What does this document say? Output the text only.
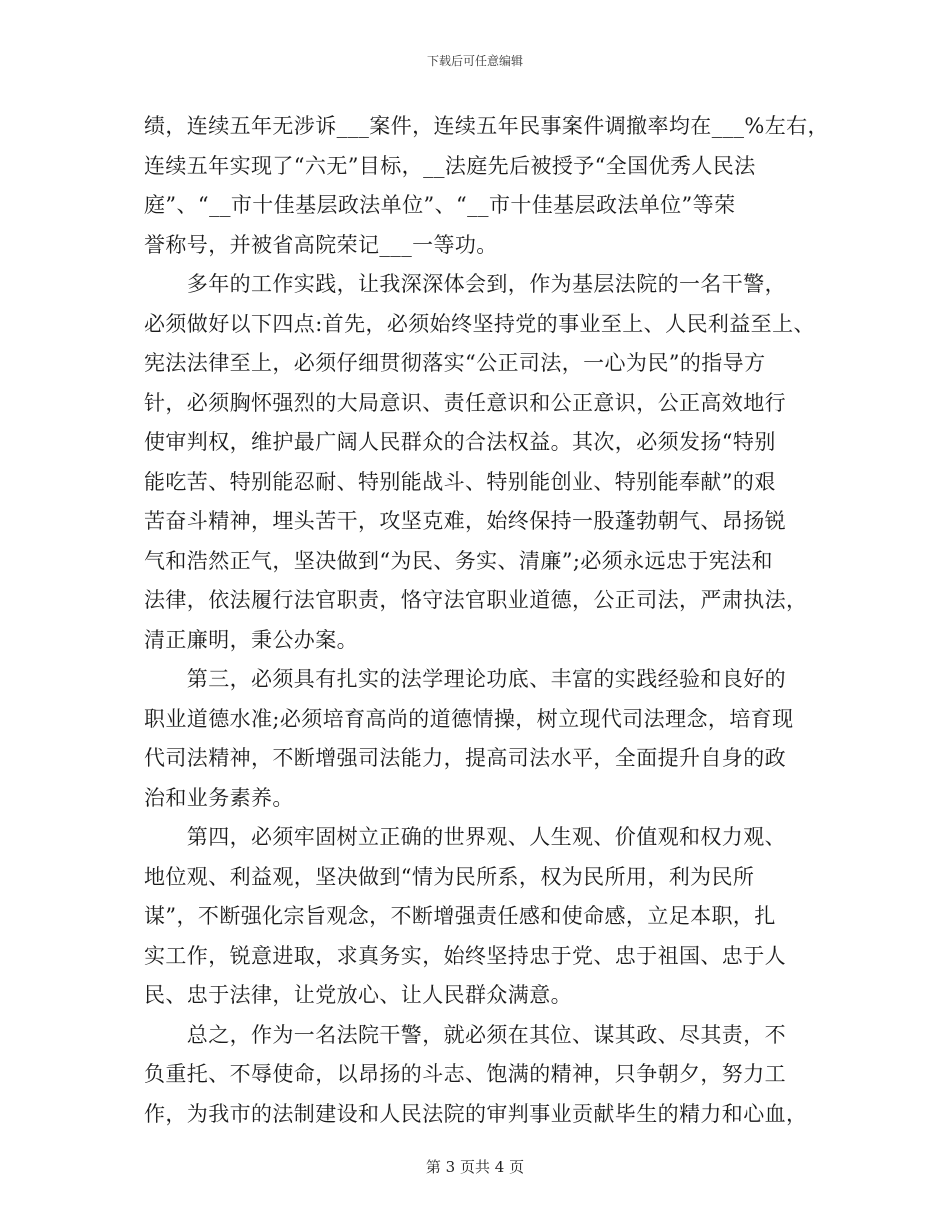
下载后可任意编辑
绩，连续五年无涉诉___案件，连续五年民事案件调撤率均在___%左右，
连续五年实现了“六无”目标，__法庭先后被授予“全国优秀人民法
庭”、“__市十佳基层政法单位”、“__市十佳基层政法单位”等荣
誉称号，并被省高院荣记___一等功。
　　多年的工作实践，让我深深体会到，作为基层法院的一名干警，
必须做好以下四点:首先，必须始终坚持党的事业至上、人民利益至上、
宪法法律至上，必须仔细贯彻落实“公正司法，一心为民”的指导方
针，必须胸怀强烈的大局意识、责任意识和公正意识，公正高效地行
使审判权，维护最广阔人民群众的合法权益。其次，必须发扬“特别
能吃苦、特别能忍耐、特别能战斗、特别能创业、特别能奉献”的艰
苦奋斗精神，埋头苦干，攻坚克难，始终保持一股蓬勃朝气、昂扬锐
气和浩然正气，坚决做到“为民、务实、清廉”;必须永远忠于宪法和
法律，依法履行法官职责，恪守法官职业道德，公正司法，严肃执法，
清正廉明，秉公办案。
　　第三，必须具有扎实的法学理论功底、丰富的实践经验和良好的
职业道德水准;必须培育高尚的道德情操，树立现代司法理念，培育现
代司法精神，不断增强司法能力，提高司法水平，全面提升自身的政
治和业务素养。
　　第四，必须牢固树立正确的世界观、人生观、价值观和权力观、
地位观、利益观，坚决做到“情为民所系，权为民所用，利为民所
谋”，不断强化宗旨观念，不断增强责任感和使命感，立足本职，扎
实工作，锐意进取，求真务实，始终坚持忠于党、忠于祖国、忠于人
民、忠于法律，让党放心、让人民群众满意。
　　总之，作为一名法院干警，就必须在其位、谋其政、尽其责，不
负重托、不辱使命，以昂扬的斗志、饱满的精神，只争朝夕，努力工
作，为我市的法制建设和人民法院的审判事业贡献毕生的精力和心血，
第 3 页共 4 页
